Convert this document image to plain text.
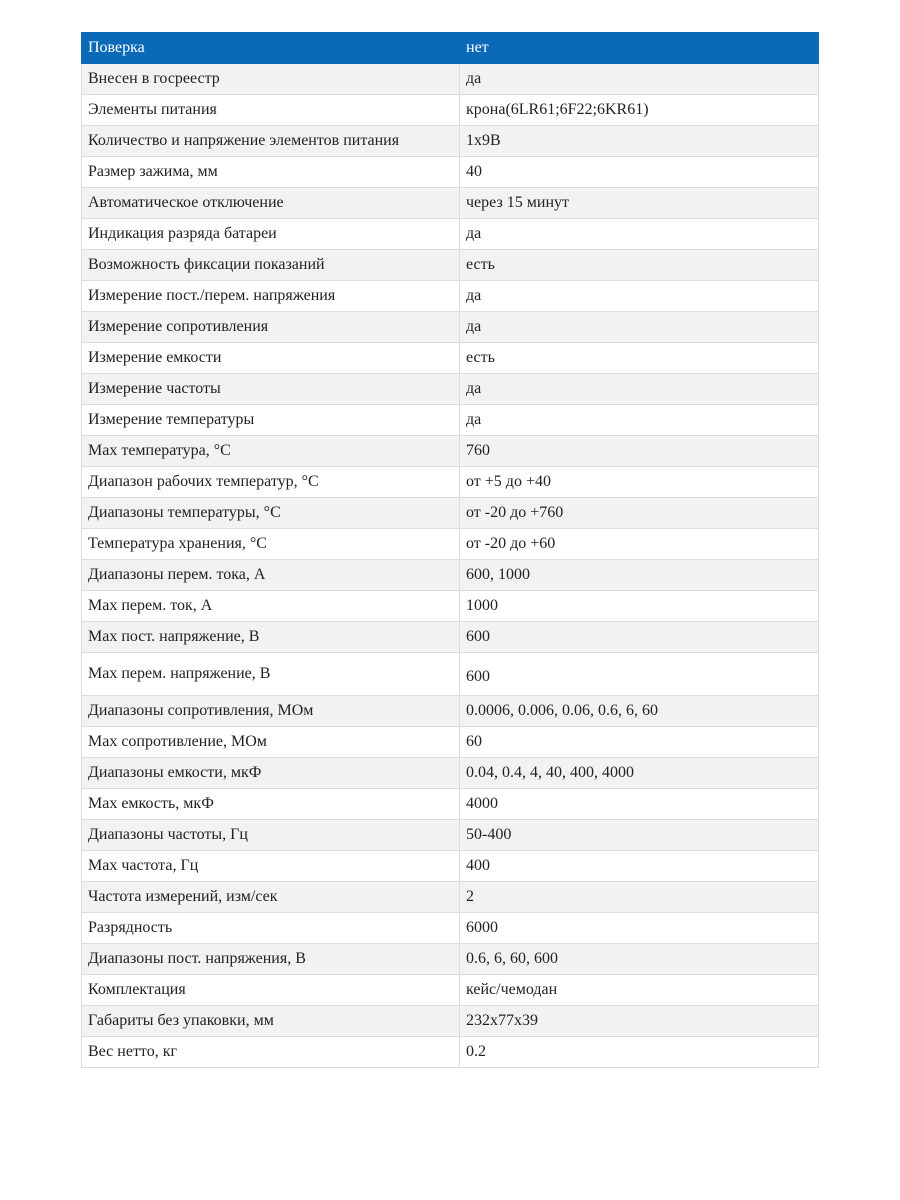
Поверка	нет
Внесен в госреестр	да
Элементы питания	крона(6LR61;6F22;6KR61)
Количество и напряжение элементов питания	1x9В
Размер зажима, мм	40
Автоматическое отключение	через 15 минут
Индикация разряда батареи	да
Возможность фиксации показаний	есть
Измерение пост./перем. напряжения	да
Измерение сопротивления	да
Измерение емкости	есть
Измерение частоты	да
Измерение температуры	да
Max температура, °C	760
Диапазон рабочих температур, °C	от +5 до +40
Диапазоны температуры, °C	от -20 до +760
Температура хранения, °C	от -20 до +60
Диапазоны перем. тока, А	600, 1000
Max перем. ток, А	1000
Max пост. напряжение, В	600
Max перем. напряжение, В	600
Диапазоны сопротивления, МОм	0.0006, 0.006, 0.06, 0.6, 6, 60
Max сопротивление, МОм	60
Диапазоны емкости, мкФ	0.04, 0.4, 4, 40, 400, 4000
Max емкость, мкФ	4000
Диапазоны частоты, Гц	50-400
Max частота, Гц	400
Частота измерений, изм/сек	2
Разрядность	6000
Диапазоны пост. напряжения, В	0.6, 6, 60, 600
Комплектация	кейс/чемодан
Габариты без упаковки, мм	232x77x39
Вес нетто, кг	0.2
